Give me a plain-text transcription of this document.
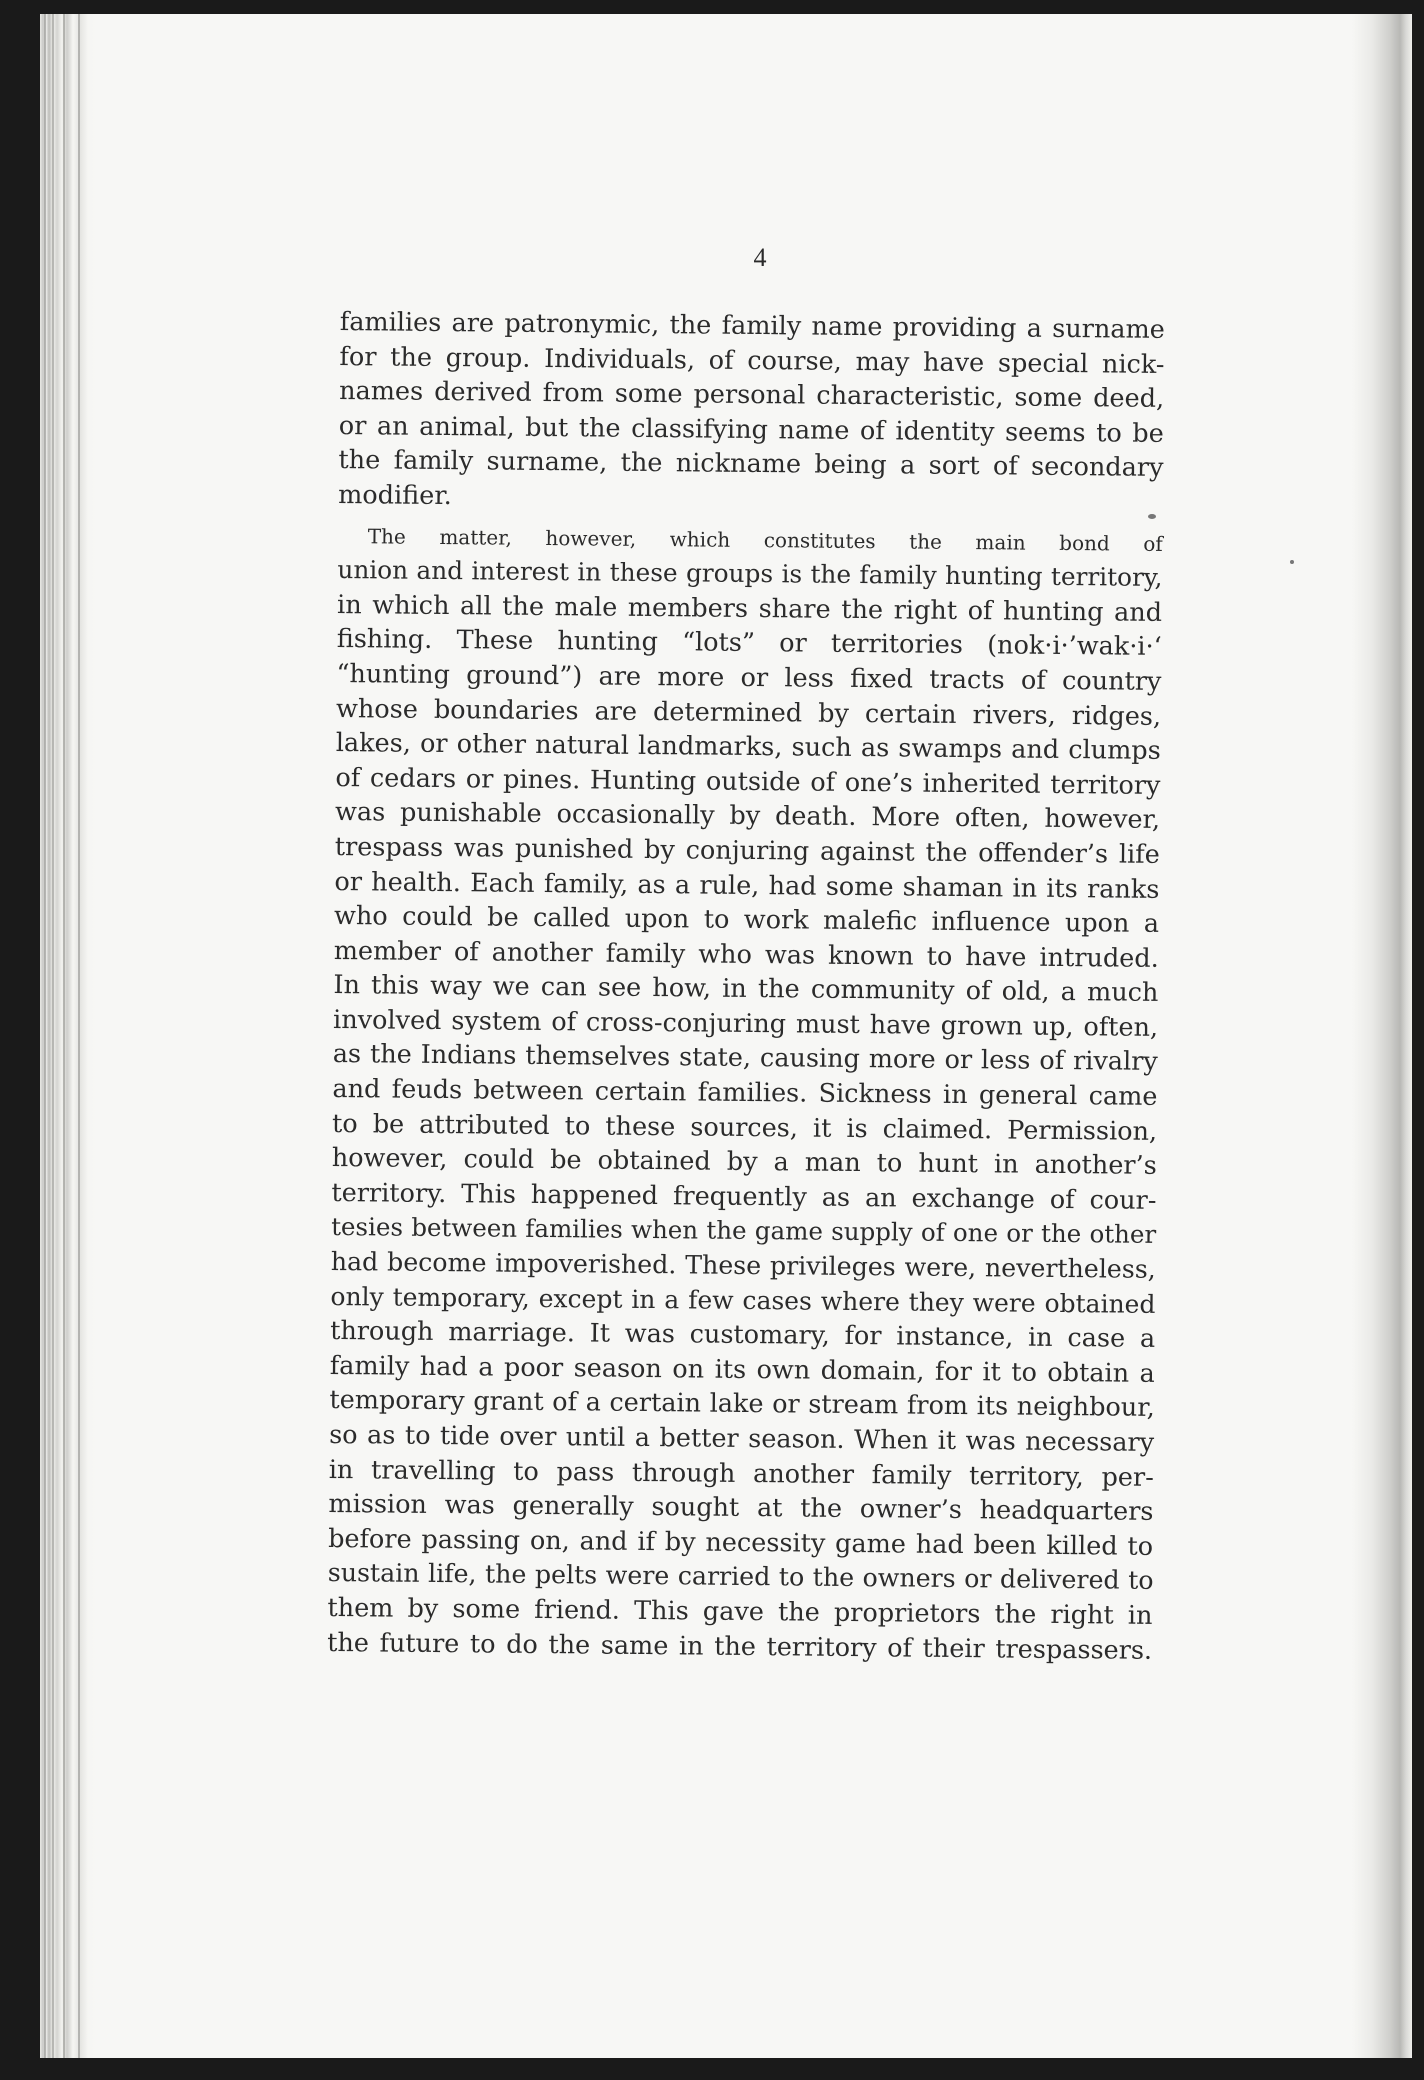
4

families are patronymic, the family name providing a surname
for the group. Individuals, of course, may have special nick-
names derived from some personal characteristic, some deed,
or an animal, but the classifying name of identity seems to be
the family surname, the nickname being a sort of secondary
modifier.

The matter, however, which constitutes the main bond of
union and interest in these groups is the family hunting territory,
in which all the male members share the right of hunting and
fishing. These hunting “lots” or territories (nok·i·’wak·i·‘
“hunting ground”) are more or less fixed tracts of country
whose boundaries are determined by certain rivers, ridges,
lakes, or other natural landmarks, such as swamps and clumps
of cedars or pines. Hunting outside of one’s inherited territory
was punishable occasionally by death. More often, however,
trespass was punished by conjuring against the offender’s life
or health. Each family, as a rule, had some shaman in its ranks
who could be called upon to work malefic influence upon a
member of another family who was known to have intruded.
In this way we can see how, in the community of old, a much
involved system of cross-conjuring must have grown up, often,
as the Indians themselves state, causing more or less of rivalry
and feuds between certain families. Sickness in general came
to be attributed to these sources, it is claimed. Permission,
however, could be obtained by a man to hunt in another’s
territory. This happened frequently as an exchange of cour-
tesies between families when the game supply of one or the other
had become impoverished. These privileges were, nevertheless,
only temporary, except in a few cases where they were obtained
through marriage. It was customary, for instance, in case a
family had a poor season on its own domain, for it to obtain a
temporary grant of a certain lake or stream from its neighbour,
so as to tide over until a better season. When it was necessary
in travelling to pass through another family territory, per-
mission was generally sought at the owner’s headquarters
before passing on, and if by necessity game had been killed to
sustain life, the pelts were carried to the owners or delivered to
them by some friend. This gave the proprietors the right in
the future to do the same in the territory of their trespassers.
